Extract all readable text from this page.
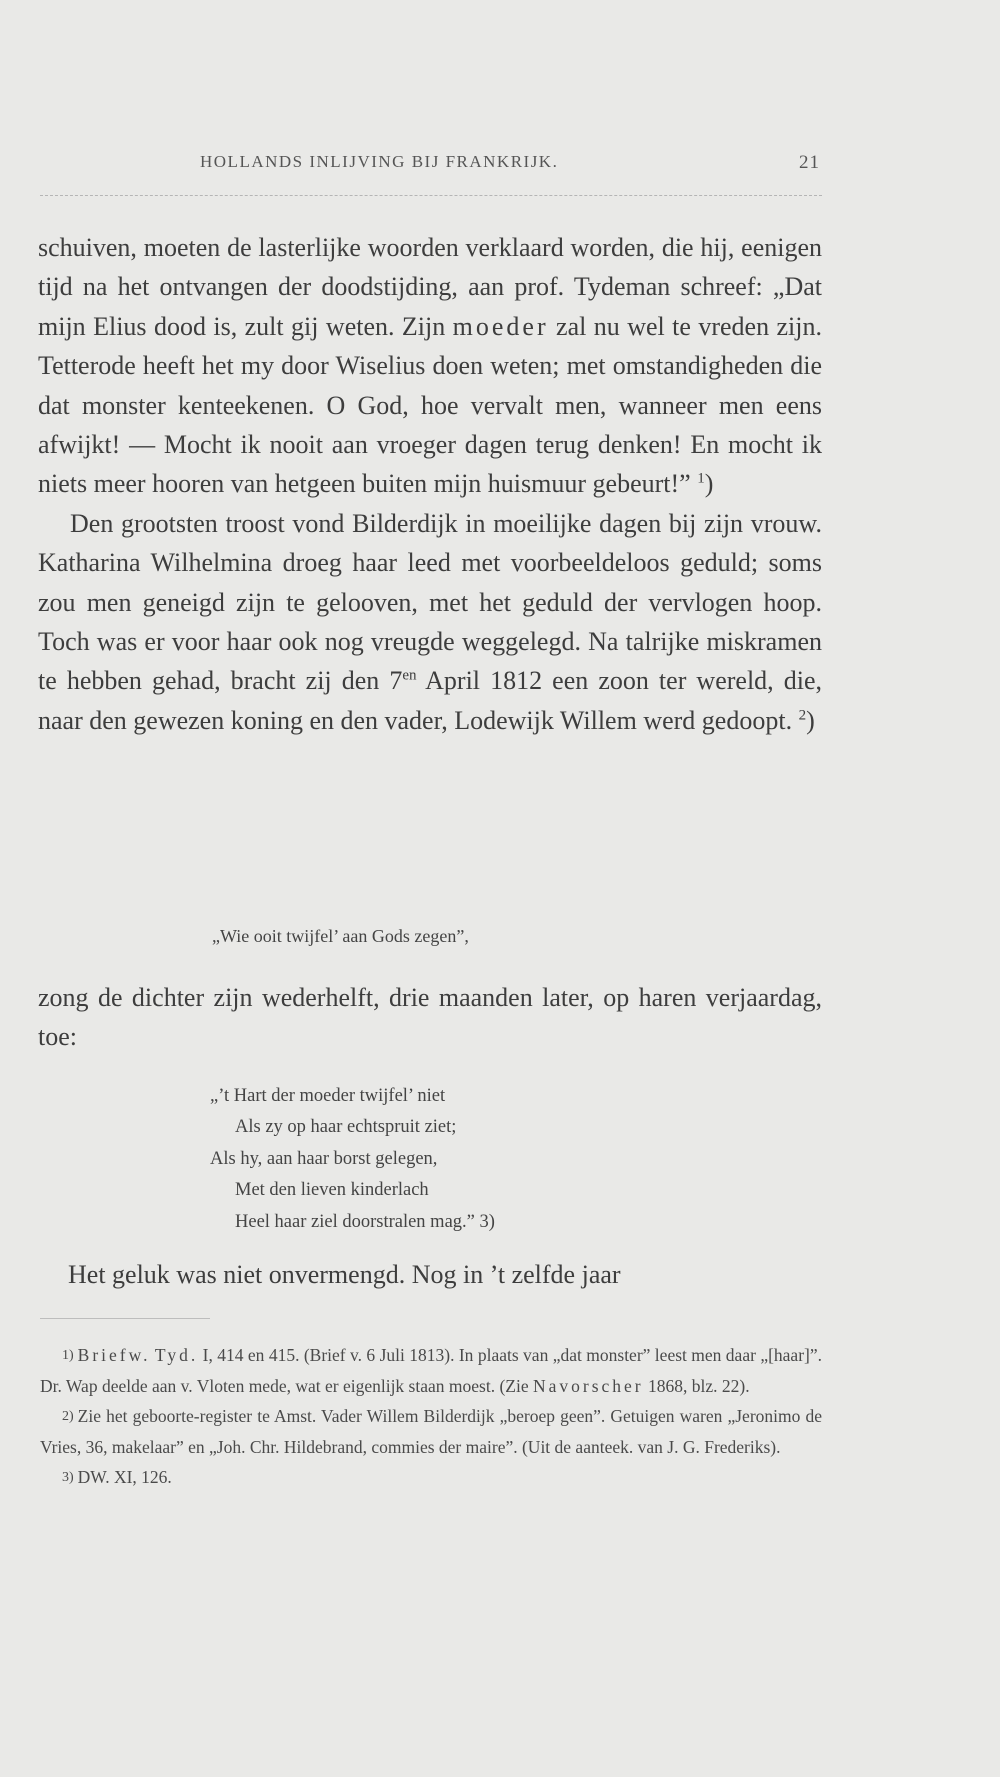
HOLLANDS INLIJVING BIJ FRANKRIJK.	21

schuiven, moeten de lasterlijke woorden verklaard worden, die hij, eenigen tijd na het ontvangen der doodstijding, aan prof. Tydeman schreef: „Dat mijn Elius dood is, zult gij weten. Zijn moeder zal nu wel te vreden zijn. Tetterode heeft het my door Wiselius doen weten; met omstandigheden die dat monster kenteekenen. O God, hoe vervalt men, wanneer men eens afwijkt! — Mocht ik nooit aan vroeger dagen terug denken! En mocht ik niets meer hooren van hetgeen buiten mijn huismuur gebeurt!” $^1$)

Den grootsten troost vond Bilderdijk in moeilijke dagen bij zijn vrouw. Katharina Wilhelmina droeg haar leed met voorbeeldeloos geduld; soms zou men geneigd zijn te gelooven, met het geduld der vervlogen hoop. Toch was er voor haar ook nog vreugde weggelegd. Na talrijke miskramen te hebben gehad, bracht zij den $7^{en}$ April 1812 een zoon ter wereld, die, naar den gewezen koning en den vader, Lodewijk Willem werd gedoopt. $^2$)

„Wie ooit twijfel’ aan Gods zegen”,

zong de dichter zijn wederhelft, drie maanden later, op haren verjaardag, toe:

„’t Hart der moeder twijfel’ niet
Als zy op haar echtspruit ziet;
Als hy, aan haar borst gelegen,
Met den lieven kinderlach
Heel haar ziel doorstralen mag.” 3)

Het geluk was niet onvermengd. Nog in ’t zelfde jaar

1) Briefw. Tyd. I, 414 en 415. (Brief v. 6 Juli 1813). In plaats van „dat monster” leest men daar „[haar]”. Dr. Wap deelde aan v. Vloten mede, wat er eigenlijk staan moest. (Zie Navorscher 1868, blz. 22).

2) Zie het geboorte-register te Amst. Vader Willem Bilderdijk „beroep geen”. Getuigen waren „Jeronimo de Vries, 36, makelaar” en „Joh. Chr. Hildebrand, commies der maire”. (Uit de aanteek. van J. G. Frederiks).

3) DW. XI, 126.
